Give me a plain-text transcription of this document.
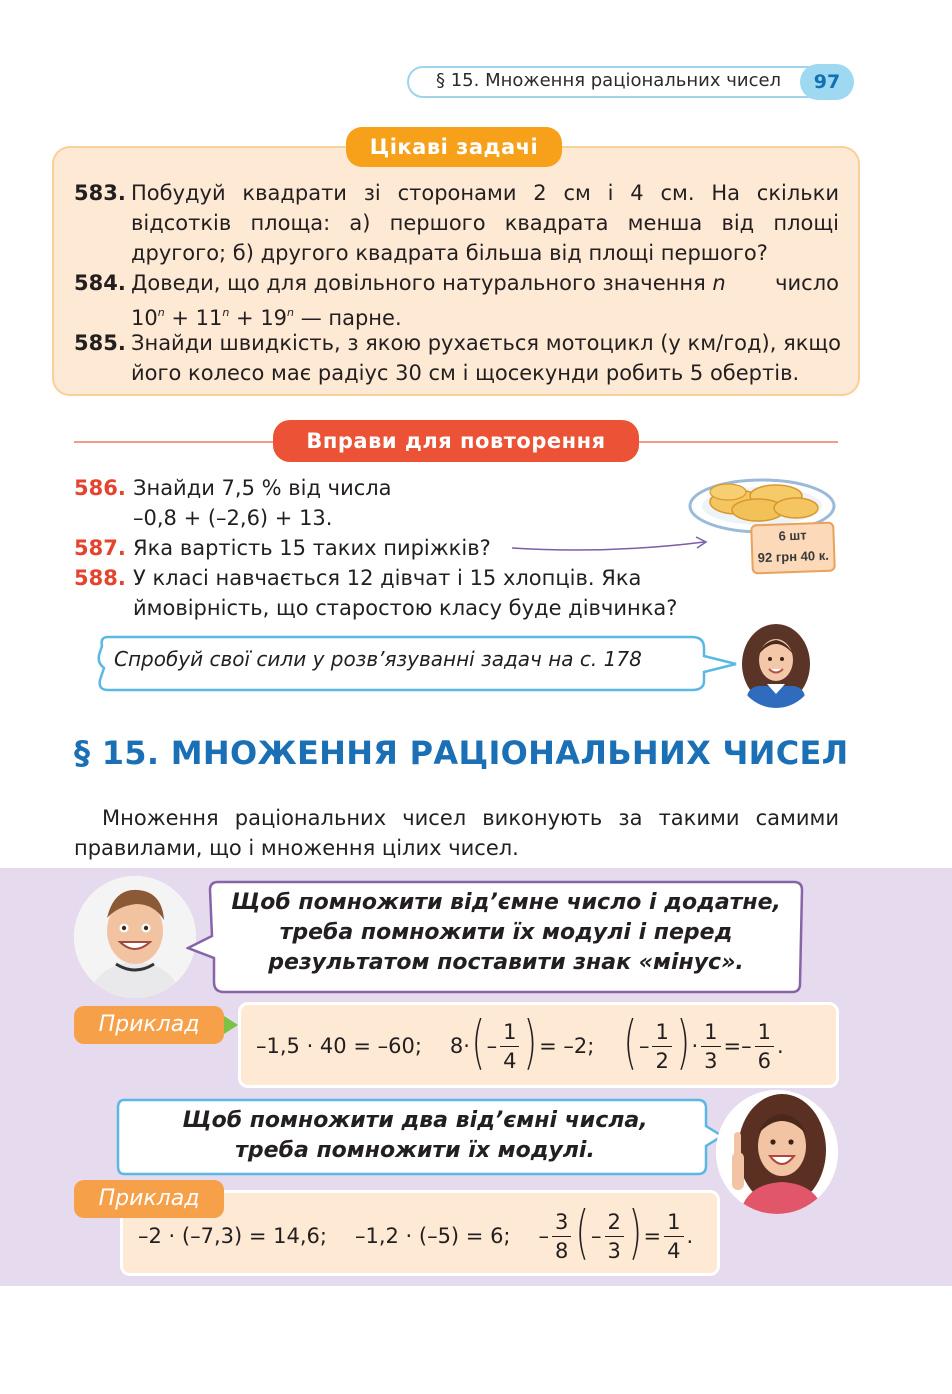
§ 15. Множення раціональних чисел	97
Цікаві задачі
583. Побудуй квадрати зі сторонами 2 см і 4 см. На скільки
відсотків площа: а) першого квадрата менша від площі
другого; б) другого квадрата більша від площі першого?
584. Доведи, що для довільного натурального значення n число
$10^n + 11^n + 19^n$ — парне.
585. Знайди швидкість, з якою рухається мотоцикл (у км/год), якщо
його колесо має радіус 30 см і щосекунди робить 5 обертів.
Вправи для повторення
586. Знайди 7,5 % від числа
–0,8 + (–2,6) + 13.
587. Яка вартість 15 таких пиріжків?
588. У класі навчається 12 дівчат і 15 хлопців. Яка
ймовірність, що старостою класу буде дівчинка?
6 шт
92 грн 40 к.
Спробуй свої сили у розв’язуванні задач на с. 178
§ 15. МНОЖЕННЯ РАЦІОНАЛЬНИХ ЧИСЕЛ
Множення раціональних чисел виконують за такими самими
правилами, що і множення цілих чисел.
Щоб помножити від’ємне число і додатне,
треба помножити їх модулі і перед
результатом поставити знак «мінус».
Приклад
–1,5 · 40 = –60; 8· ( – $\frac{1}{4}$ ) = –2; ( – $\frac{1}{2}$ ) · $\frac{1}{3}$ = – $\frac{1}{6}$ .
Щоб помножити два від’ємні числа,
треба помножити їх модулі.
Приклад
–2 · (–7,3) = 14,6; –1,2 · (–5) = 6; – $\frac{3}{8}$ ( – $\frac{2}{3}$ ) = $\frac{1}{4}$ .
